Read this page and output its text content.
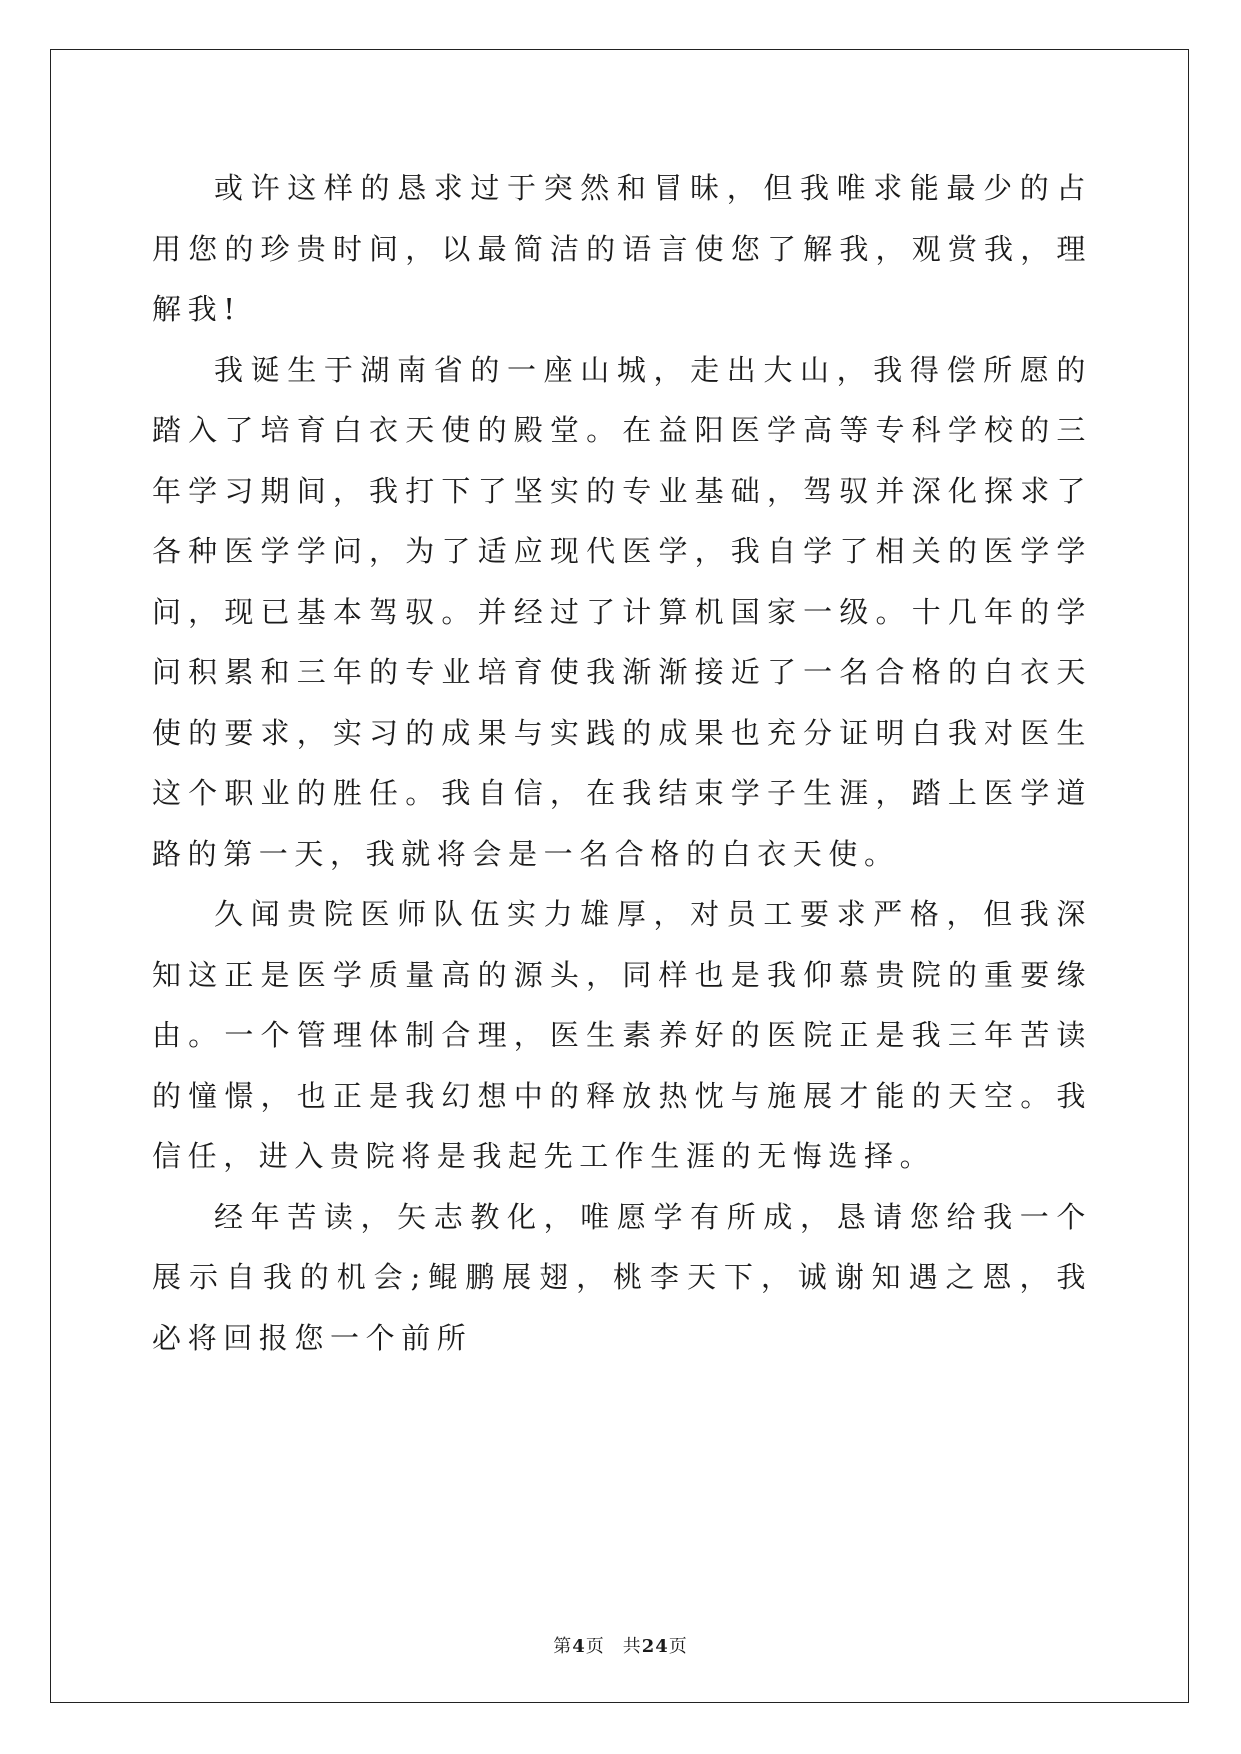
或许这样的恳求过于突然和冒昧，但我唯求能最少的占用您的珍贵时间，以最简洁的语言使您了解我，观赏我，理解我!

我诞生于湖南省的一座山城，走出大山，我得偿所愿的踏入了培育白衣天使的殿堂。在益阳医学高等专科学校的三年学习期间，我打下了坚实的专业基础，驾驭并深化探求了各种医学学问，为了适应现代医学，我自学了相关的医学学问，现已基本驾驭。并经过了计算机国家一级。十几年的学问积累和三年的专业培育使我渐渐接近了一名合格的白衣天使的要求，实习的成果与实践的成果也充分证明白我对医生这个职业的胜任。我自信，在我结束学子生涯，踏上医学道路的第一天，我就将会是一名合格的白衣天使。

久闻贵院医师队伍实力雄厚，对员工要求严格，但我深知这正是医学质量高的源头，同样也是我仰慕贵院的重要缘由。一个管理体制合理，医生素养好的医院正是我三年苦读的憧憬，也正是我幻想中的释放热忱与施展才能的天空。我信任，进入贵院将是我起先工作生涯的无悔选择。

经年苦读，矢志教化，唯愿学有所成，恳请您给我一个展示自我的机会;鲲鹏展翅，桃李天下，诚谢知遇之恩，我必将回报您一个前所

第4页 共24页
